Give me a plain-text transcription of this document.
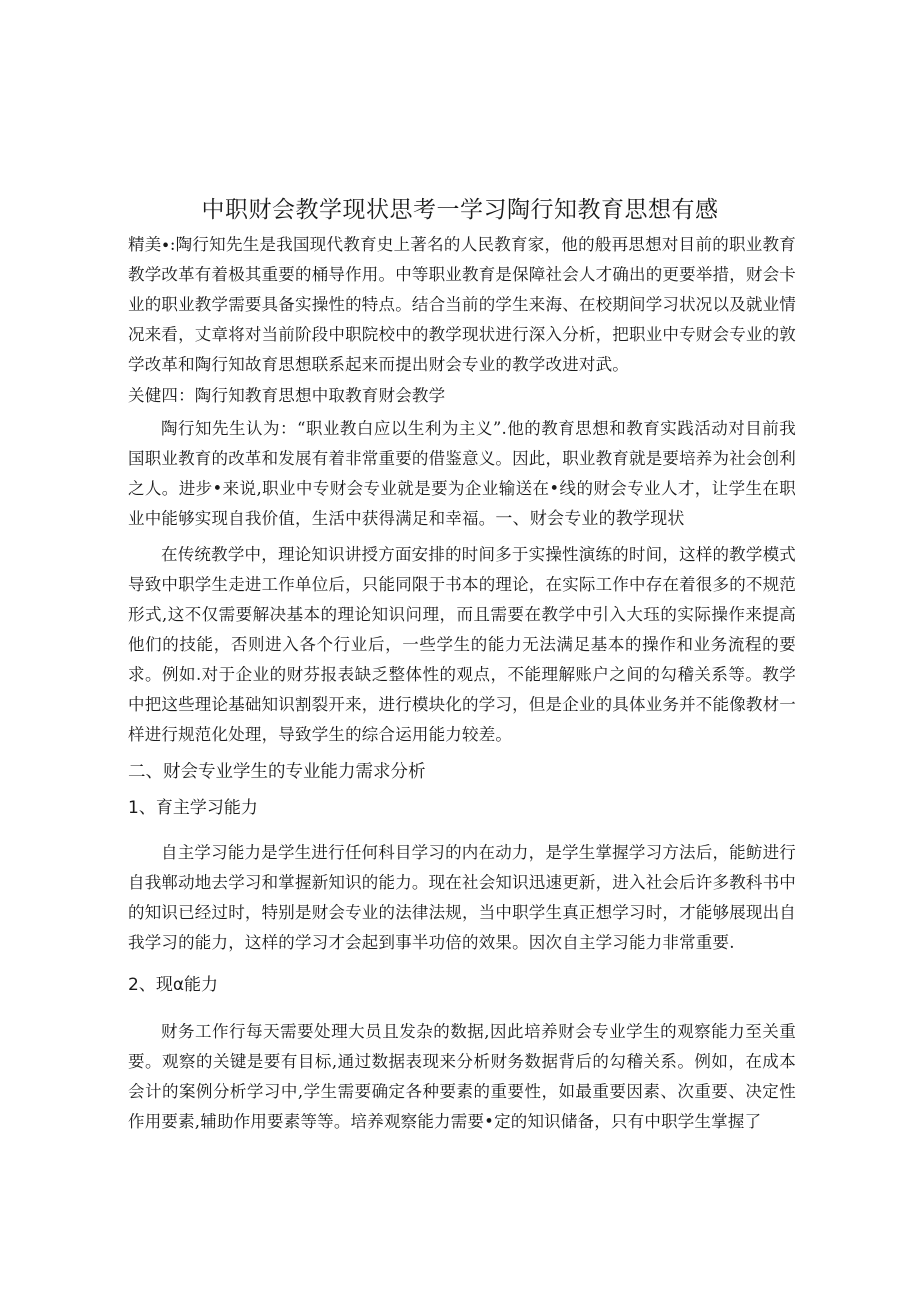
中职财会教学现状思考一学习陶行知教育思想有感

精美∙:陶行知先生是我国现代教育史上著名的人民教育家，他的般再思想对目前的职业教育教学改革有着极其重要的桶导作用。中等职业教育是保障社会人才确出的更要举措，财会卡业的职业教学需要具备实操性的特点。结合当前的学生来海、在校期间学习状况以及就业情况来看，丈章将对当前阶段中职院校中的教学现状进行深入分析，把职业中专财会专业的敦学改革和陶行知故育思想联系起来而提出财会专业的教学改进对武。

关健四：陶行知教育思想中取教育财会教学

陶行知先生认为：“职业教白应以生利为主义”.他的教育思想和教育实践活动对目前我国职业教育的改革和发展有着非常重要的借鉴意义。因此，职业教育就是要培养为社会创利之人。进步•来说,职业中专财会专业就是要为企业输送在•线的财会专业人才，让学生在职业中能够实现自我价值，生活中获得满足和幸福。一、财会专业的教学现状

在传统教学中，理论知识讲授方面安排的时间多于实操性演练的时间，这样的教学模式导致中职学生走进工作单位后，只能同限于书本的理论，在实际工作中存在着很多的不规范形式,这不仅需要解决基本的理论知识问理，而且需要在教学中引入大珏的实际操作来提高他们的技能，否则进入各个行业后，一些学生的能力无法满足基本的操作和业务流程的要求。例如.对于企业的财芬报表缺乏整体性的观点，不能理解账户之间的勾稽关系等。教学中把这些理论基础知识割裂开来，进行模块化的学习，但是企业的具体业务并不能像教材一样进行规范化处理，导致学生的综合运用能力较差。

二、财会专业学生的专业能力需求分析
1、育主学习能力

自主学习能力是学生进行任何科目学习的内在动力，是学生掌握学习方法后，能鲂进行自我郸动地去学习和掌握新知识的能力。现在社会知识迅速更新，进入社会后许多教科书中的知识已经过时，特别是财会专业的法律法规，当中职学生真正想学习时，才能够展现出自我学习的能力，这样的学习才会起到事半功倍的效果。因次自主学习能力非常重要.

2、现α能力

财务工作行每天需要处理大员且发杂的数据,因此培养财会专业学生的观察能力至关重要。观察的关键是要有目标,通过数据表现来分析财务数据背后的勾稽关系。例如，在成本会计的案例分析学习中,学生需要确定各种要素的重要性，如最重要因素、次重要、决定性作用要素,辅助作用要素等等。培养观察能力需要•定的知识储备，只有中职学生掌握了
